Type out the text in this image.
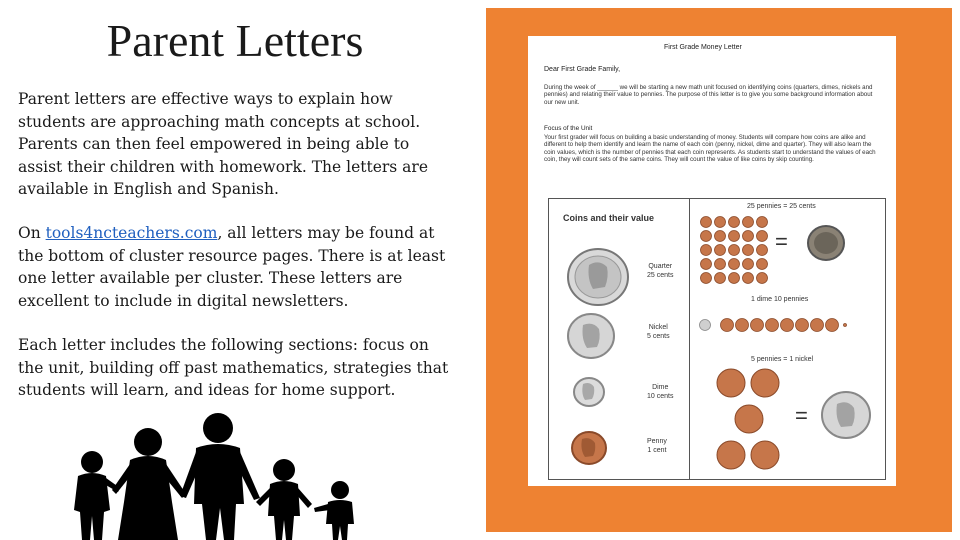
Parent Letters

Parent letters are effective ways to explain how students are approaching math concepts at school. Parents can then feel empowered in being able to assist their children with homework. The letters are available in English and Spanish.

On tools4ncteachers.com, all letters may be found at the bottom of cluster resource pages. There is at least one letter available per cluster. These letters are excellent to include in digital newsletters.

Each letter includes the following sections: focus on the unit, building off past mathematics, strategies that students will learn, and ideas for home support.

First Grade Money Letter
Dear First Grade Family,
During the week of ______ we will be starting a new math unit focused on identifying coins (quarters, dimes, nickels and pennies) and relating their value to pennies. The purpose of this letter is to give you some background information about our new unit.
Focus of the Unit
Your first grader will focus on building a basic understanding of money. Students will compare how coins are alike and different to help them identify and learn the name of each coin (penny, nickel, dime and quarter). They will also learn the coin values, which is the number of pennies that each coin represents. As students start to understand the values of each coin, they will count sets of the same coins. They will count the value of like coins by skip counting.
Coins and their value
Quarter
25 cents
Nickel
5 cents
Dime
10 cents
Penny
1 cent
25 pennies = 25 cents
=
1 dime 10 pennies
5 pennies = 1 nickel
=
